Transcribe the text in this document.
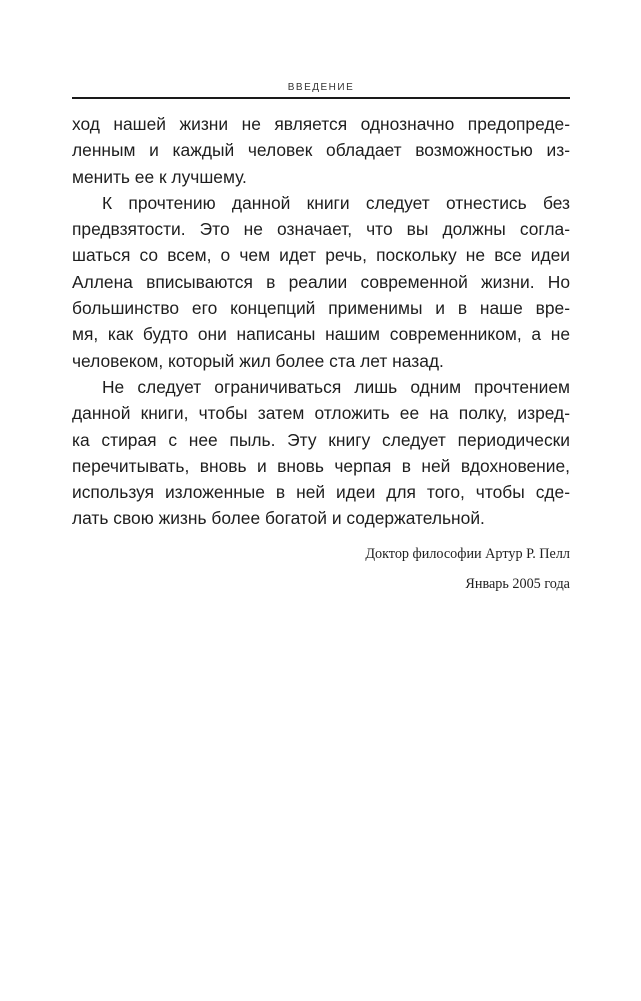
ВВЕДЕНИЕ
ход нашей жизни не является однозначно предопреде-
ленным и каждый человек обладает возможностью из-
менить ее к лучшему.
К прочтению данной книги следует отнестись без
предвзятости. Это не означает, что вы должны согла-
шаться со всем, о чем идет речь, поскольку не все идеи
Аллена вписываются в реалии современной жизни. Но
большинство его концепций применимы и в наше вре-
мя, как будто они написаны нашим современником, а не
человеком, который жил более ста лет назад.
Не следует ограничиваться лишь одним прочтением
данной книги, чтобы затем отложить ее на полку, изред-
ка стирая с нее пыль. Эту книгу следует периодически
перечитывать, вновь и вновь черпая в ней вдохновение,
используя изложенные в ней идеи для того, чтобы сде-
лать свою жизнь более богатой и содержательной.
Доктор философии Артур Р. Пелл
Январь 2005 года
